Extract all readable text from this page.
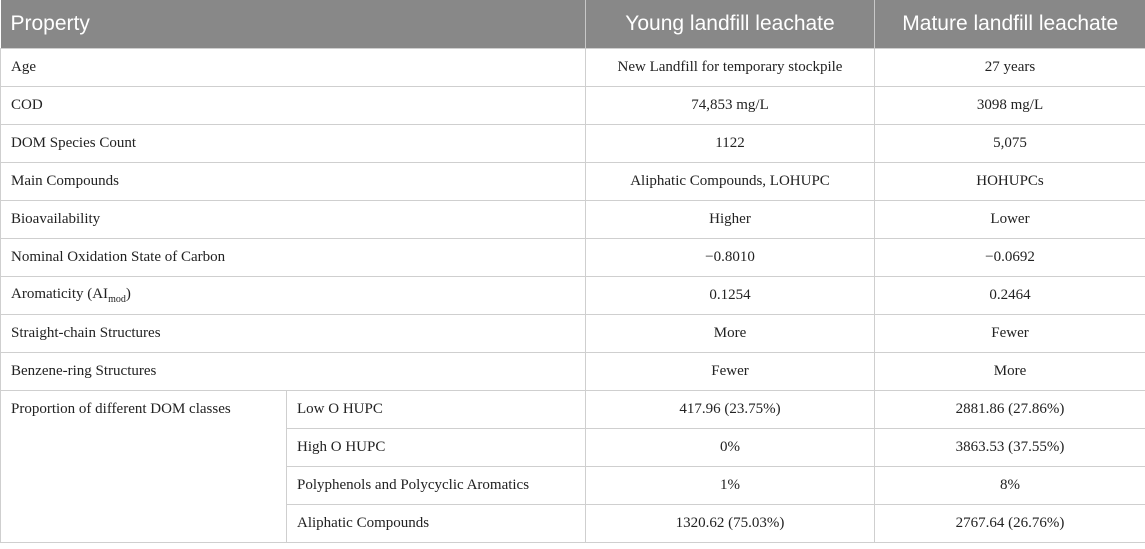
Property		Young landfill leachate	Mature landfill leachate
Age		New Landfill for temporary stockpile	27 years
COD		74,853 mg/L	3098 mg/L
DOM Species Count		1122	5,075
Main Compounds		Aliphatic Compounds, LOHUPC	HOHUPCs
Bioavailability		Higher	Lower
Nominal Oxidation State of Carbon		−0.8010	−0.0692
Aromaticity $(AI_{mod})$		0.1254	0.2464
Straight-chain Structures		More	Fewer
Benzene-ring Structures		Fewer	More
Proportion of different DOM classes	Low O HUPC	417.96 (23.75%)	2881.86 (27.86%)
	High O HUPC	0%	3863.53 (37.55%)
	Polyphenols and Polycyclic Aromatics	1%	8%
	Aliphatic Compounds	1320.62 (75.03%)	2767.64 (26.76%)
